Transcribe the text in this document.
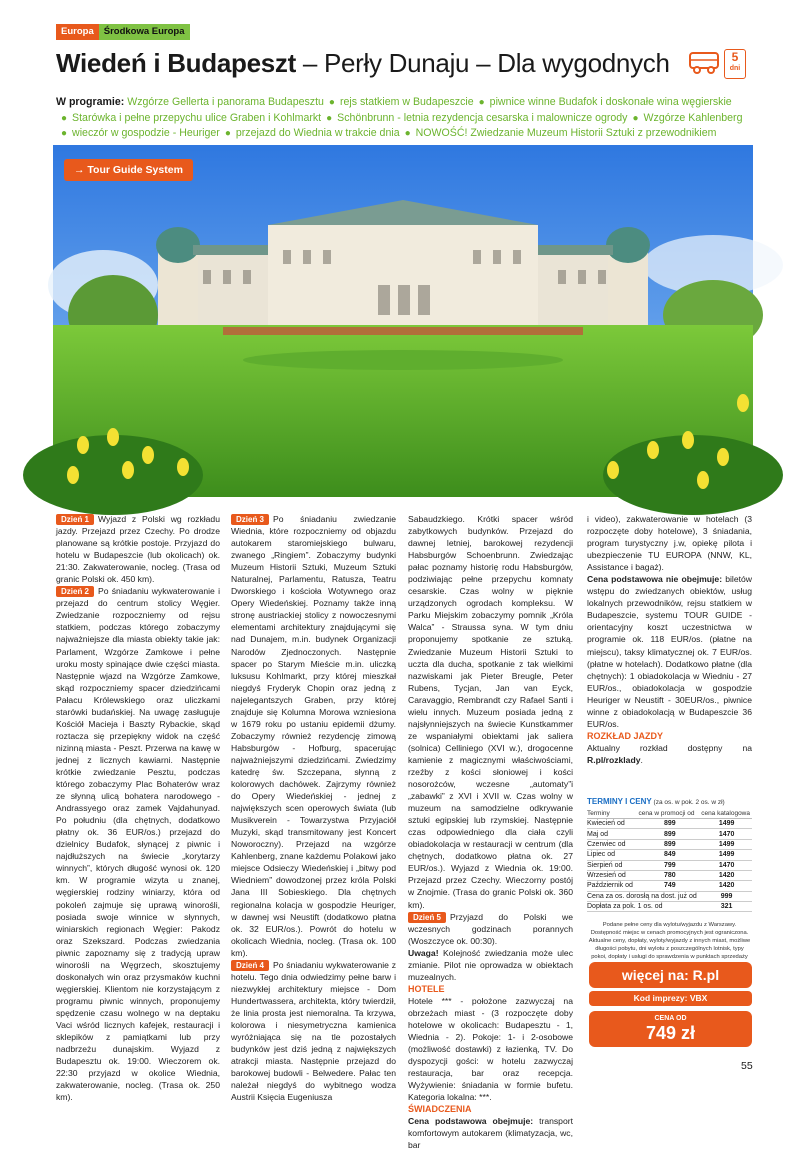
Europa	Środkowa Europa
Wiedeń i Budapeszt – Perły Dunaju – Dla wygodnych	5
dni
W programie: Wzgórze Gellerta i panorama Budapesztu ● rejs statkiem w Budapeszcie ● piwnice winne Budafok i doskonałe wina węgierskie
● Starówka i pełne przepychu ulice Graben i Kohlmarkt ● Schönbrunn - letnia rezydencja cesarska i malownicze ogrody ● Wzgórze Kahlenberg
● wieczór w gospodzie - Heuriger ● przejazd do Wiednia w trakcie dnia ● NOWOŚĆ! Zwiedzanie Muzeum Historii Sztuki z przewodnikiem
→ Tour Guide System
Dzień 1 Wyjazd z Polski wg rozkładu jazdy. Przejazd przez Czechy. Po drodze planowane są krótkie postoje. Przyjazd do hotelu w Budapeszcie (lub okolicach) ok. 21:30. Zakwaterowanie, nocleg. (Trasa od granic Polski ok. 450 km).
Dzień 2 Po śniadaniu wykwaterowanie i przejazd do centrum stolicy Węgier. Zwiedzanie rozpoczniemy od rejsu statkiem, podczas którego zobaczymy najważniejsze dla miasta obiekty takie jak: Parlament, Wzgórze Zamkowe i pełne uroku mosty spinające dwie części miasta. Następnie wjazd na Wzgórze Zamkowe, skąd rozpoczniemy spacer dziedzińcami Pałacu Królewskiego oraz uliczkami starówki budańskiej. Na uwagę zasługuje Kościół Macieja i Baszty Rybackie, skąd roztacza się przepiękny widok na część nizinną miasta - Peszt. Przerwa na kawę w jednej z licznych kawiarni. Następnie krótkie zwiedzanie Pesztu, podczas którego zobaczymy Plac Bohaterów wraz ze słynną ulicą bohatera narodowego - Andrassyego oraz zamek Vajdahunyad. Po południu (dla chętnych, dodatkowo płatny ok. 36 EUR/os.) przejazd do dzielnicy Budafok, słynącej z piwnic i najdłuższych na świecie „korytarzy winnych”, których długość wynosi ok. 120 km. W programie wizyta u znanej, węgierskiej rodziny winiarzy, która od pokoleń zajmuje się uprawą winorośli, posiada swoje winnice w słynnych, winiarskich regionach Węgier: Pakodz oraz Szekszard. Podczas zwiedzania piwnic zapoznamy się z tradycją upraw winorośli na Węgrzech, skosztujemy doskonałych win oraz przysmaków kuchni węgierskiej. Klientom nie korzystającym z programu piwnic winnych, proponujemy spędzenie czasu wolnego w na deptaku Vaci wśród licznych kafejek, restauracji i sklepików z pamiątkami lub przy nadbrzeżu dunajskim. Wyjazd z Budapesztu ok. 19:00. Wieczorem ok. 22:30 przyjazd w okolice Wiednia, zakwaterowanie, nocleg. (Trasa ok. 250 km).
Dzień 3 Po śniadaniu zwiedzanie Wiednia, które rozpoczniemy od objazdu autokarem staromiejskiego bulwaru, zwanego „Ringiem”. Zobaczymy budynki Muzeum Historii Sztuki, Muzeum Sztuki Naturalnej, Parlamentu, Ratusza, Teatru Dworskiego i kościoła Wotywnego oraz Opery Wiedeńskiej. Poznamy także inną stronę austriackiej stolicy z nowoczesnymi elementami architektury znajdującymi się nad Dunajem, m.in. budynek Organizacji Narodów Zjednoczonych. Następnie spacer po Starym Mieście m.in. uliczką luksusu Kohlmarkt, przy której mieszkał niegdyś Fryderyk Chopin oraz jedną z najelegantszych Graben, przy której znajduje się Kolumna Morowa wzniesiona w 1679 roku po ustaniu epidemii dżumy. Zobaczymy również rezydencję zimową Habsburgów - Hofburg, spacerując najważniejszymi dziedzińcami. Zwiedzimy katedrę św. Szczepana, słynną z kolorowych dachówek. Zajrzymy również do Opery Wiedeńskiej - jednej z największych scen operowych świata (lub Musikverein - Towarzystwa Przyjaciół Muzyki, skąd transmitowany jest Koncert Noworoczny). Przejazd na wzgórze Kahlenberg, znane każdemu Polakowi jako miejsce Odsieczy Wiedeńskiej i „bitwy pod Wiedniem” dowodzonej przez króla Polski Jana III Sobieskiego. Dla chętnych regionalna kolacja w gospodzie Heuriger, w dawnej wsi Neustift (dodatkowo płatna ok. 32 EUR/os.). Powrót do hotelu w okolicach Wiednia, nocleg. (Trasa ok. 100 km).
Dzień 4 Po śniadaniu wykwaterowanie z hotelu. Tego dnia odwiedzimy pełne barw i niezwykłej architektury miejsce - Dom Hundertwassera, architekta, który twierdził, że linia prosta jest niemoralna. Ta krzywa, kolorowa i niesymetryczna kamienica wyróżniająca się na tle pozostałych budynków jest dziś jedną z największych atrakcji miasta. Następnie przejazd do barokowej budowli - Belwedere. Pałac ten należał niegdyś do wybitnego wodza Austrii Księcia Eugeniusza
Sabaudzkiego. Krótki spacer wśród zabytkowych budynków. Przejazd do dawnej letniej, barokowej rezydencji Habsburgów Schoenbrunn. Zwiedzając pałac poznamy historię rodu Habsburgów, podziwiając pełne przepychu komnaty cesarskie. Czas wolny w pięknie urządzonych ogrodach kompleksu. W Parku Miejskim zobaczymy pomnik „Króla Walca” - Straussa syna. W tym dniu proponujemy spotkanie ze sztuką. Zwiedzanie Muzeum Historii Sztuki to uczta dla ducha, spotkanie z tak wielkimi nazwiskami jak Pieter Breugle, Peter Rubens, Tycjan, Jan van Eyck, Caravaggio, Rembrandt czy Rafael Santi i wielu innych. Muzeum posiada jedną z najsłynniejszych na świecie Kunstkammer ze wspaniałymi obiektami jak saliera (solnica) Celliniego (XVI w.), drogocenne kamienie z magicznymi właściwościami, rzeźby z kości słoniowej i kości nosorożców, wczesne „automaty”i „zabawki” z XVI i XVII w. Czas wolny w muzeum na samodzielne odkrywanie sztuki egipskiej lub rzymskiej. Następnie czas odpowiedniego dla ciała czyli obiadokolacja w restauracji w centrum (dla chętnych, dodatkowo płatna ok. 27 EUR/os.). Wyjazd z Wiednia ok. 19:00. Przejazd przez Czechy. Wieczorny postój w Znojmie. (Trasa do granic Polski ok. 360 km).
Dzień 5 Przyjazd do Polski we wczesnych godzinach porannych (Woszczyce ok. 00:30).
Uwaga! Kolejność zwiedzania może ulec zmianie. Pilot nie oprowadza w obiektach muzealnych.
HOTELE
Hotele *** - położone zazwyczaj na obrzeżach miast - (3 rozpoczęte doby hotelowe w okolicach: Budapesztu - 1, Wiednia - 2). Pokoje: 1- i 2-osobowe (możliwość dostawki) z łazienką, TV. Do dyspozycji gości: w hotelu zazwyczaj restauracja, bar oraz recepcja. Wyżywienie: śniadania w formie bufetu. Kategoria lokalna: ***.
ŚWIADCZENIA
Cena podstawowa obejmuje: transport komfortowym autokarem (klimatyzacja, wc, bar
i video), zakwaterowanie w hotelach (3 rozpoczęte doby hotelowe), 3 śniadania, program turystyczny j.w, opiekę pilota i ubezpieczenie TU EUROPA (NNW, KL, Assistance i bagaż).
Cena podstawowa nie obejmuje: biletów wstępu do zwiedzanych obiektów, usług lokalnych przewodników, rejsu statkiem w Budapeszcie, systemu TOUR GUIDE - orientacyjny koszt uczestnictwa w programie ok. 118 EUR/os. (płatne na miejscu), taksy klimatycznej ok. 7 EUR/os. (płatne w hotelach). Dodatkowo płatne (dla chętnych): 1 obiadokolacja w Wiedniu - 27 EUR/os., obiadokolacja w gospodzie Heuriger w Neustift - 30EUR/os., piwnice winne z obiadokolacją w Budapeszcie 36 EUR/os.
ROZKŁAD JAZDY
Aktualny rozkład dostępny na R.pl/rozklady.
TERMINY I CENY (za os. w pok. 2 os. w zł)
Terminy	cena w promocji od	cena katalogowa
Kwiecień od	899	1499
Maj od	899	1470
Czerwiec od	899	1499
Lipiec od	849	1499
Sierpień od	799	1470
Wrzesień od	780	1420
Październik od	749	1420
Cena za os. dorosłą na dost. już od		999
Dopłata za pok. 1 os. od		321
Podane pełne ceny dla wylotu/wyjazdu z Warszawy. Dostępność miejsc w cenach promocyjnych jest ograniczona. Aktualne ceny, dopłaty, wyloty/wyjazdy z innych miast, możliwe długości pobytu, dni wylotu z poszczególnych lotnisk, typy pokoi, dopłaty i usługi do sprawdzenia w punktach sprzedaży
więcej na: R.pl
Kod imprezy: VBX
CENA OD
749 zł
55
